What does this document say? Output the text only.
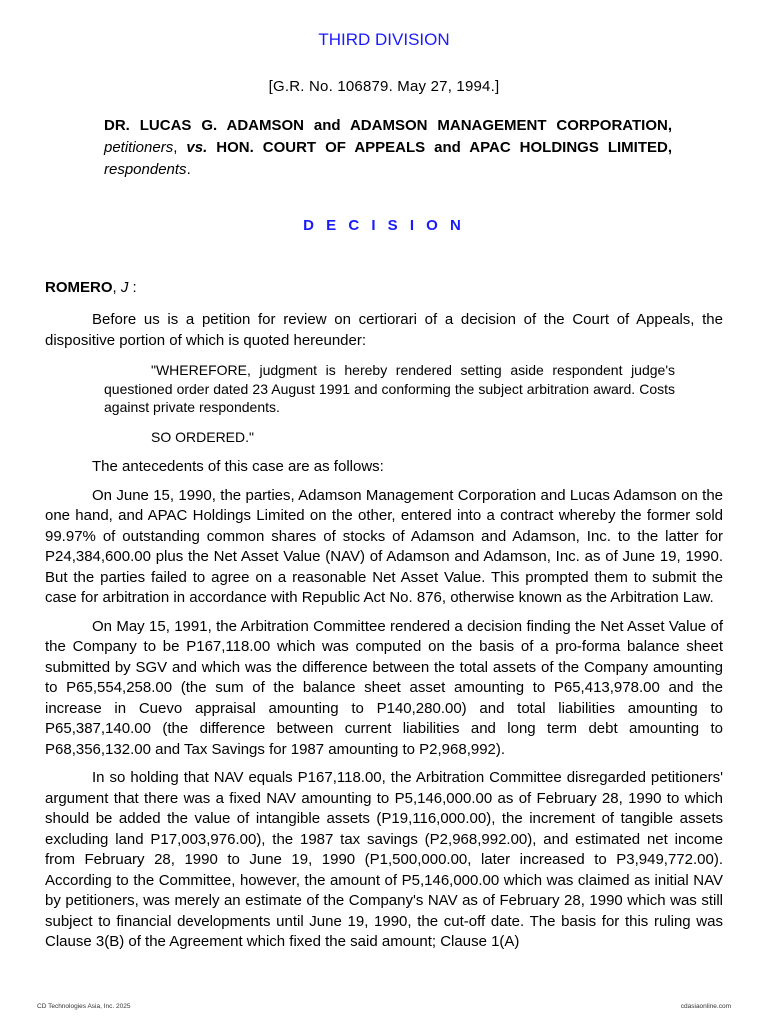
THIRD DIVISION
[G.R. No. 106879. May 27, 1994.]
DR. LUCAS G. ADAMSON and ADAMSON MANAGEMENT CORPORATION, petitioners, vs. HON. COURT OF APPEALS and APAC HOLDINGS LIMITED, respondents.
D E C I S I O N
ROMERO, J :

Before us is a petition for review on certiorari of a decision of the Court of Appeals, the dispositive portion of which is quoted hereunder:

"WHEREFORE, judgment is hereby rendered setting aside respondent judge's questioned order dated 23 August 1991 and conforming the subject arbitration award. Costs against private respondents.

SO ORDERED."

The antecedents of this case are as follows:

On June 15, 1990, the parties, Adamson Management Corporation and Lucas Adamson on the one hand, and APAC Holdings Limited on the other, entered into a contract whereby the former sold 99.97% of outstanding common shares of stocks of Adamson and Adamson, Inc. to the latter for P24,384,600.00 plus the Net Asset Value (NAV) of Adamson and Adamson, Inc. as of June 19, 1990. But the parties failed to agree on a reasonable Net Asset Value. This prompted them to submit the case for arbitration in accordance with Republic Act No. 876, otherwise known as the Arbitration Law.

On May 15, 1991, the Arbitration Committee rendered a decision finding the Net Asset Value of the Company to be P167,118.00 which was computed on the basis of a pro-forma balance sheet submitted by SGV and which was the difference between the total assets of the Company amounting to P65,554,258.00 (the sum of the balance sheet asset amounting to P65,413,978.00 and the increase in Cuevo appraisal amounting to P140,280.00) and total liabilities amounting to P65,387,140.00 (the difference between current liabilities and long term debt amounting to P68,356,132.00 and Tax Savings for 1987 amounting to P2,968,992).

In so holding that NAV equals P167,118.00, the Arbitration Committee disregarded petitioners' argument that there was a fixed NAV amounting to P5,146,000.00 as of February 28, 1990 to which should be added the value of intangible assets (P19,116,000.00), the increment of tangible assets excluding land P17,003,976.00), the 1987 tax savings (P2,968,992.00), and estimated net income from February 28, 1990 to June 19, 1990 (P1,500,000.00, later increased to P3,949,772.00). According to the Committee, however, the amount of P5,146,000.00 which was claimed as initial NAV by petitioners, was merely an estimate of the Company's NAV as of February 28, 1990 which was still subject to financial developments until June 19, 1990, the cut-off date. The basis for this ruling was Clause 3(B) of the Agreement which fixed the said amount; Clause 1(A)

CD Technologies Asia, Inc. 2025	cdasiaonline.com
